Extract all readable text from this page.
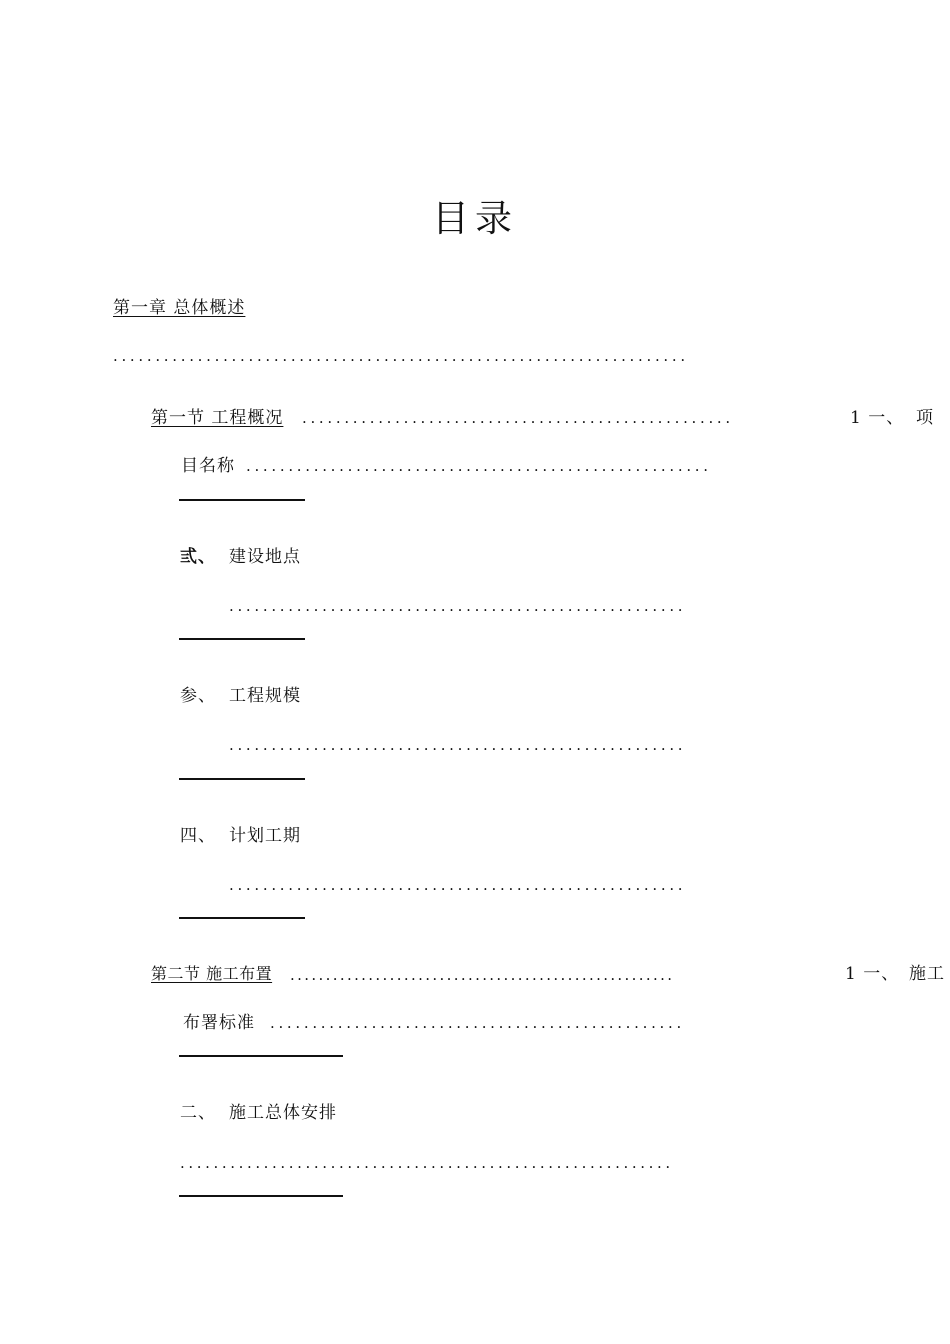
目录
第一章 总体概述
....................................................................
第一节 工程概况 ...................................................	1 一、 项
目名称 .......................................................
弎、 建设地点
......................................................
参、 工程规模
......................................................
四、 计划工期
......................................................
第二节 施工布置 ......................................................	1 一、 施工
布署标准 .................................................
二、 施工总体安排
...........................................................
